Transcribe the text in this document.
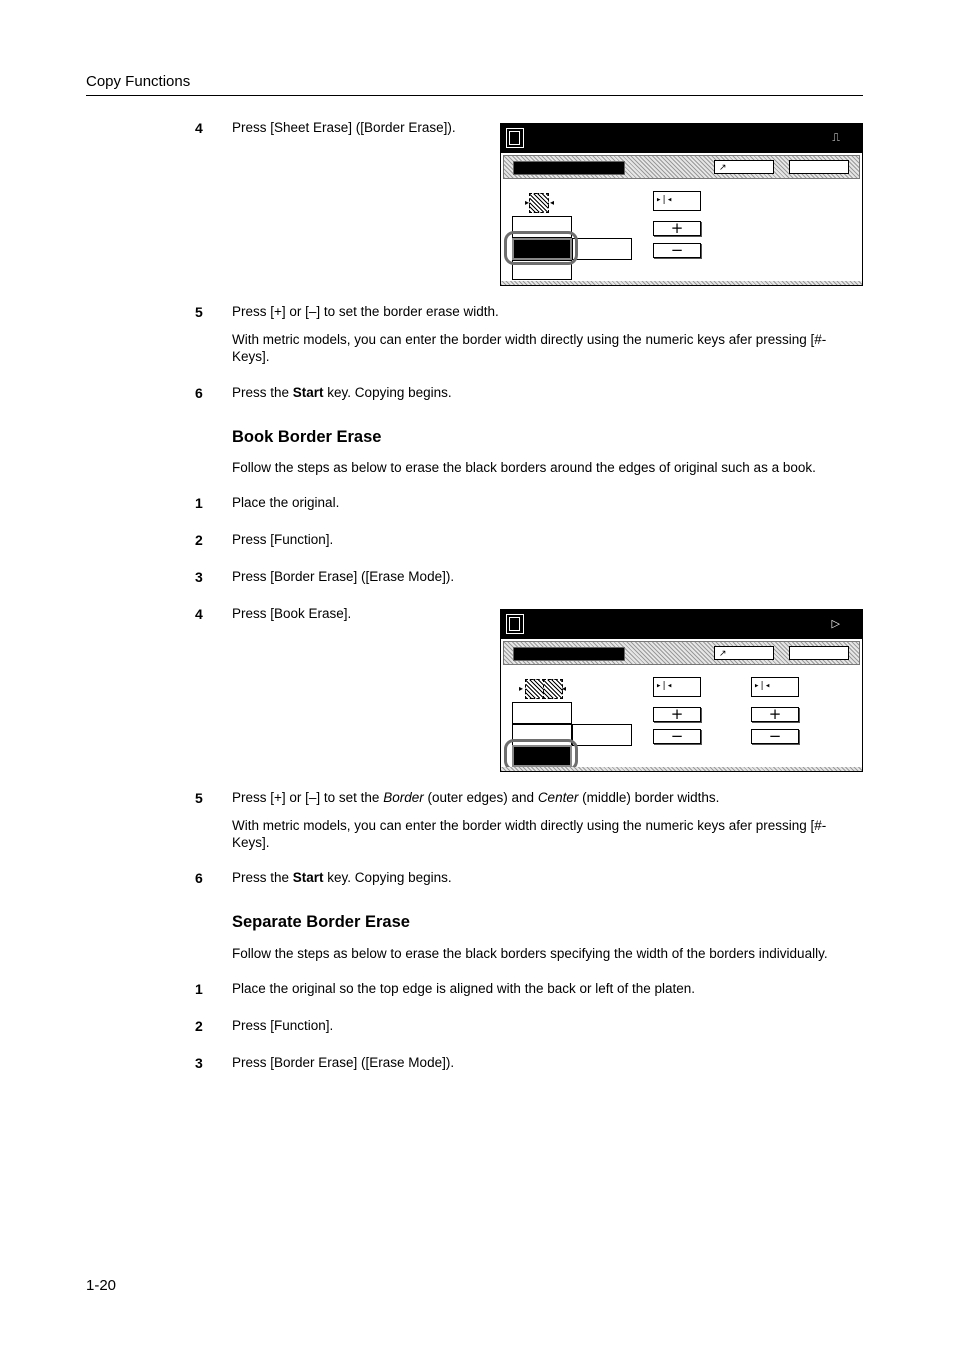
Copy Functions
4 Press [Sheet Erase] ([Border Erase]).
⎍
↗
▸	◂	▸|◂
+
−
5 Press [+] or [–] to set the border erase width.
With metric models, you can enter the border width directly using the numeric keys afer pressing [#-Keys].
6 Press the Start key. Copying begins.
Book Border Erase
Follow the steps as below to erase the black borders around the edges of original such as a book.
1 Place the original.
2 Press [Function].
3 Press [Border Erase] ([Erase Mode]).
4 Press [Book Erase].
▷
↗
▸	◂	▸|◂
+
−
▸|◂
+
−
5 Press [+] or [–] to set the Border (outer edges) and Center (middle) border widths.
With metric models, you can enter the border width directly using the numeric keys afer pressing [#-Keys].
6 Press the Start key. Copying begins.
Separate Border Erase
Follow the steps as below to erase the black borders specifying the width of the borders individually.
1 Place the original so the top edge is aligned with the back or left of the platen.
2 Press [Function].
3 Press [Border Erase] ([Erase Mode]).
1-20
